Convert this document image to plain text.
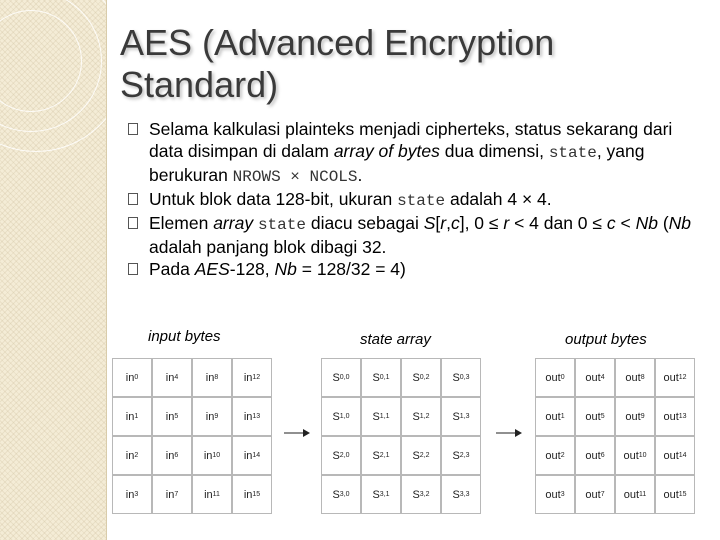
AES (Advanced Encryption Standard)
Selama kalkulasi plainteks menjadi cipherteks, status sekarang dari data disimpan di dalam array of bytes dua dimensi, state, yang berukuran NROWS × NCOLS.
Untuk blok data 128-bit, ukuran state adalah 4 × 4.
Elemen array state diacu sebagai S[r,c], 0 ≤ r < 4 dan 0 ≤ c < Nb (Nb adalah panjang blok dibagi 32.
Pada AES-128, Nb = 128/32 = 4)
input bytes	state array	output bytes
in 0	in 4	in 8 in 12
in 1	in 5	in 9 in 13
in 2	in 6 in 10 in 14
in 3	in 7 in 11 in 15
S 0,0 S 0,1 S 0,2 S 0,3
S 1,0 S 1,1 S 1,2 S 1,3
S 2,0 S 2,1 S 2,2 S 2,3
S 3,0 S 3,1 S 3,2 S 3,3
out 0 out 4 out 8 out 12
out 1 out 5 out 9 out 13
out 2 out 6 out 10 out 14
out 3 out 7 out 11 out 15
